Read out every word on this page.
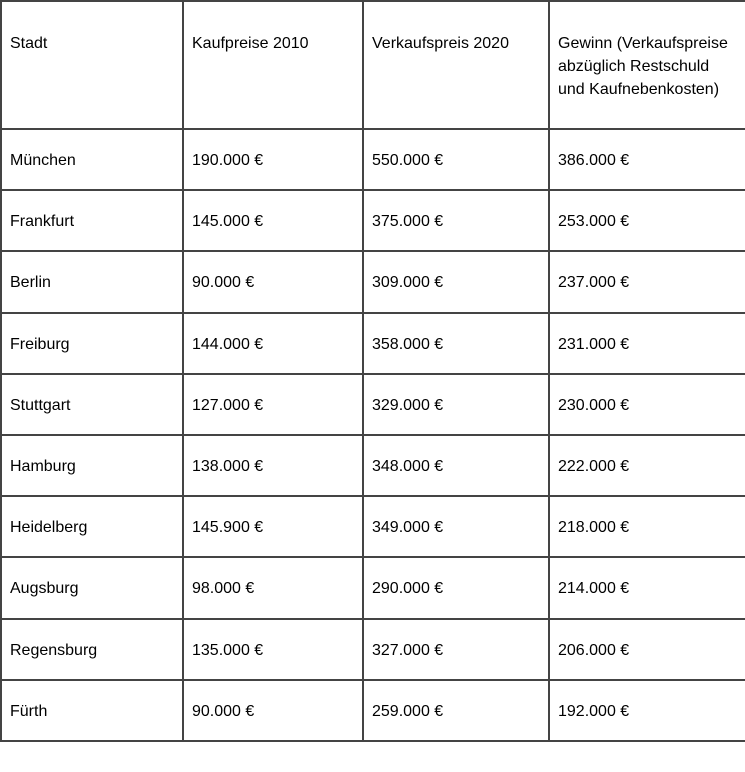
Stadt	Kaufpreise 2010	Verkaufspreis 2020	Gewinn (Verkaufspreise abzüglich Restschuld und Kaufnebenkosten)
München	190.000 €	550.000 €	386.000 €
Frankfurt	145.000 €	375.000 €	253.000 €
Berlin	90.000 €	309.000 €	237.000 €
Freiburg	144.000 €	358.000 €	231.000 €
Stuttgart	127.000 €	329.000 €	230.000 €
Hamburg	138.000 €	348.000 €	222.000 €
Heidelberg	145.900 €	349.000 €	218.000 €
Augsburg	98.000 €	290.000 €	214.000 €
Regensburg	135.000 €	327.000 €	206.000 €
Fürth	90.000 €	259.000 €	192.000 €
